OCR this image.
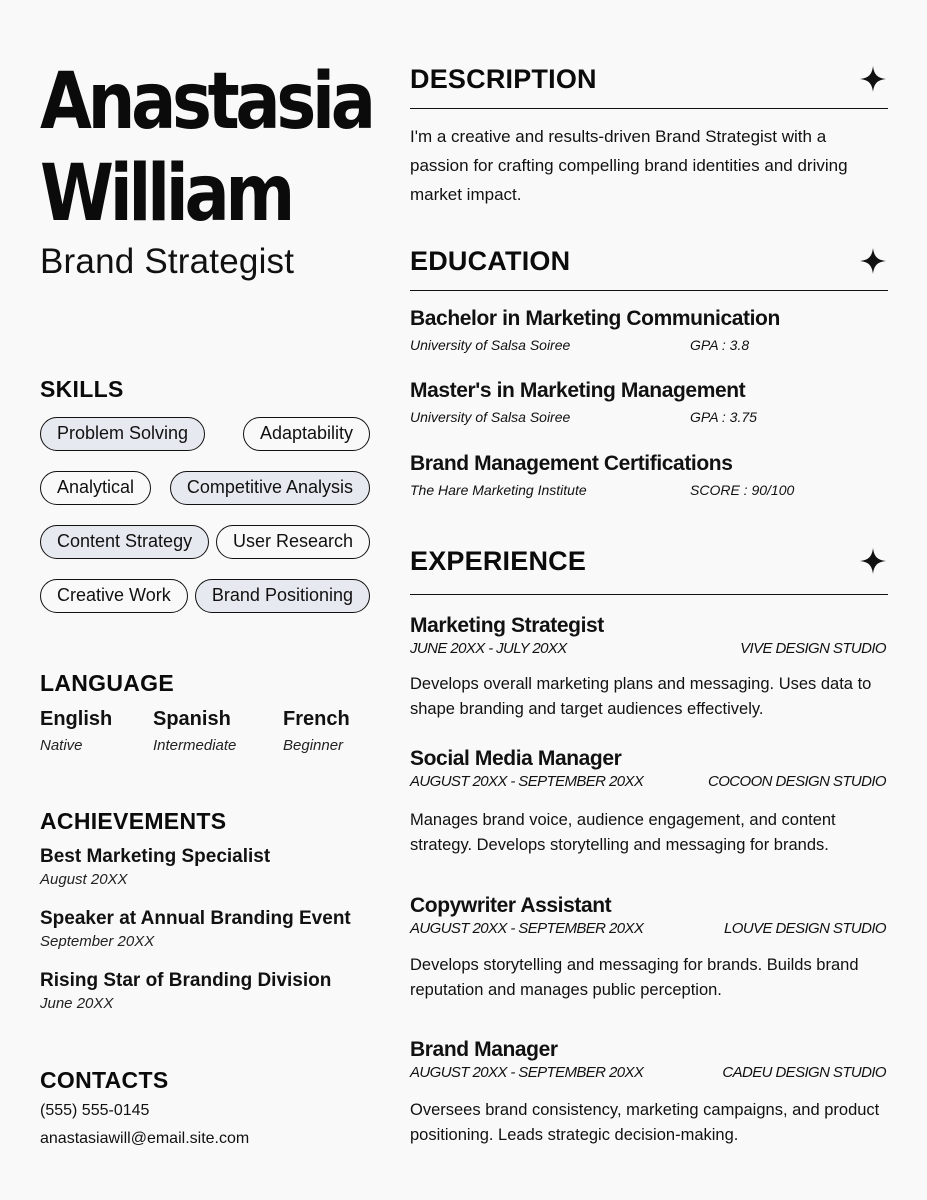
Anastasia
William
Brand Strategist
SKILLS
Problem Solving	Adaptability
Analytical	Competitive Analysis
Content Strategy	User Research
Creative Work	Brand Positioning
LANGUAGE
English
Native
Spanish
Intermediate
French
Beginner
ACHIEVEMENTS
Best Marketing Specialist
August 20XX
Speaker at Annual Branding Event
September 20XX
Rising Star of Branding Division
June 20XX
CONTACTS
(555) 555-0145
anastasiawill@email.site.com
DESCRIPTION
I'm a creative and results-driven Brand Strategist with a passion for crafting compelling brand identities and driving market impact.
EDUCATION
Bachelor in Marketing Communication
University of Salsa Soiree	GPA : 3.8
Master's in Marketing Management
University of Salsa Soiree	GPA : 3.75
Brand Management Certifications
The Hare Marketing Institute	SCORE : 90/100
EXPERIENCE
Marketing Strategist
JUNE 20XX - JULY 20XX	VIVE DESIGN STUDIO
Develops overall marketing plans and messaging. Uses data to shape branding and target audiences effectively.
Social Media Manager
AUGUST 20XX - SEPTEMBER 20XX	COCOON DESIGN STUDIO
Manages brand voice, audience engagement, and content strategy. Develops storytelling and messaging for brands.
Copywriter Assistant
AUGUST 20XX - SEPTEMBER 20XX	LOUVE DESIGN STUDIO
Develops storytelling and messaging for brands. Builds brand reputation and manages public perception.
Brand Manager
AUGUST 20XX - SEPTEMBER 20XX	CADEU DESIGN STUDIO
Oversees brand consistency, marketing campaigns, and product positioning. Leads strategic decision-making.
